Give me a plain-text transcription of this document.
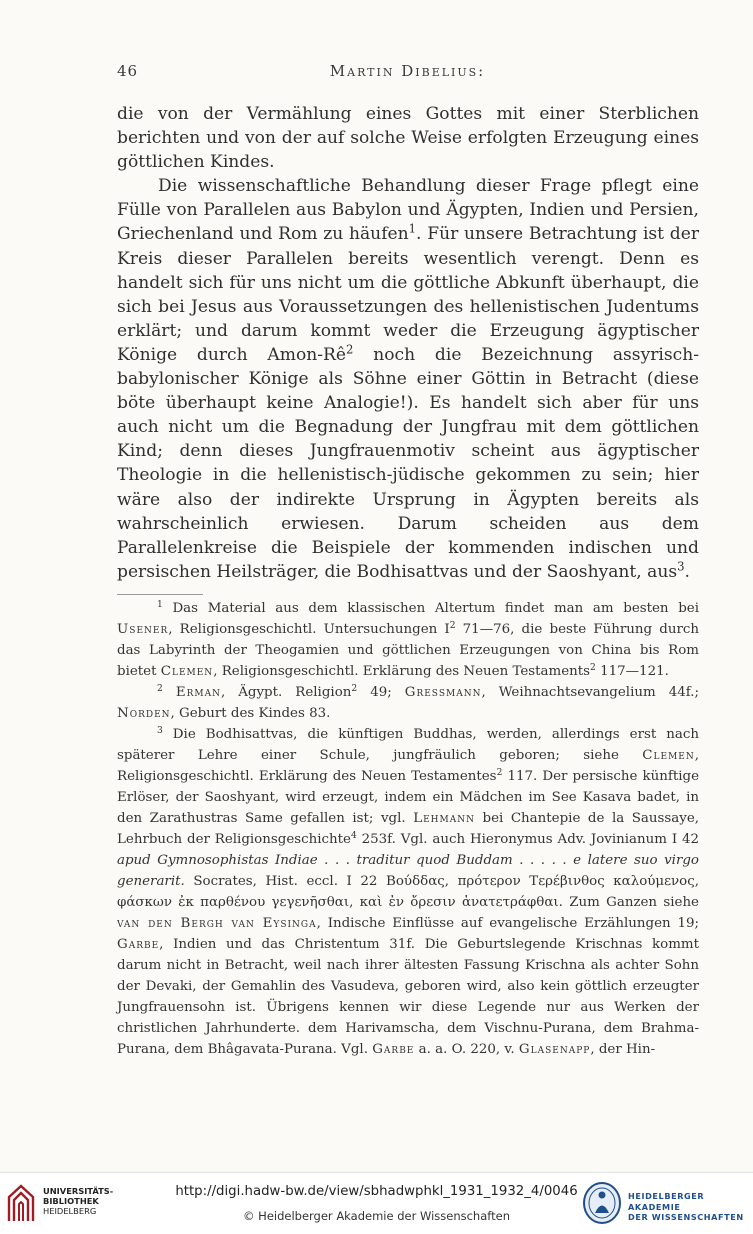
46	Martin Dibelius:

die von der Vermählung eines Gottes mit einer Sterblichen berichten und von der auf solche Weise erfolgten Erzeugung eines göttlichen Kindes.

Die wissenschaftliche Behandlung dieser Frage pflegt eine Fülle von Parallelen aus Babylon und Ägypten, Indien und Persien, Griechenland und Rom zu häufen$^1$. Für unsere Betrachtung ist der Kreis dieser Parallelen bereits wesentlich verengt. Denn es handelt sich für uns nicht um die göttliche Abkunft überhaupt, die sich bei Jesus aus Voraussetzungen des hellenistischen Judentums erklärt; und darum kommt weder die Erzeugung ägyptischer Könige durch Amon-$Rê^2$ noch die Bezeichnung assyrisch-babylonischer Könige als Söhne einer Göttin in Betracht (diese böte überhaupt keine Analogie!). Es handelt sich aber für uns auch nicht um die Begnadung der Jungfrau mit dem göttlichen Kind; denn dieses Jungfrauenmotiv scheint aus ägyptischer Theologie in die hellenistisch-jüdische gekommen zu sein; hier wäre also der indirekte Ursprung in Ägypten bereits als wahrscheinlich erwiesen. Darum scheiden aus dem Parallelenkreise die Beispiele der kommenden indischen und persischen Heilsträger, die Bodhisattvas und der Saoshyant, aus$^3$.

$^1$ Das Material aus dem klassischen Altertum findet man am besten bei Usener, Religionsgeschichtl. Untersuchungen $I^2$ 71—76, die beste Führung durch das Labyrinth der Theogamien und göttlichen Erzeugungen von China bis Rom bietet Clemen, Religionsgeschichtl. Erklärung des Neuen Testaments$^2$ 117—121.

$^2$ Erman, Ägypt. Religion$^2$ 49; Gressmann, Weihnachtsevangelium 44f.; Norden, Geburt des Kindes 83.

$^3$ Die Bodhisattvas, die künftigen Buddhas, werden, allerdings erst nach späterer Lehre einer Schule, jungfräulich geboren; siehe Clemen, Religionsgeschichtl. Erklärung des Neuen Testamentes$^2$ 117. Der persische künftige Erlöser, der Saoshyant, wird erzeugt, indem ein Mädchen im See Kasava badet, in den Zarathustras Same gefallen ist; vgl. Lehmann bei Chantepie de la Saussaye, Lehrbuch der Religionsgeschichte$^4$ 253f. Vgl. auch Hieronymus Adv. Jovinianum I 42 apud Gymnosophistas Indiae . . . traditur quod Buddam . . . . . e latere suo virgo generarit. Socrates, Hist. eccl. I 22 Βούδδας, πρότερον Τερέβινθος καλούμενος, φάσκων ἐκ παρθένου γεγενῆσθαι, καὶ ἐν ὄρεσιν ἀνατετράφθαι. Zum Ganzen siehe van den Bergh van Eysinga, Indische Einflüsse auf evangelische Erzählungen 19; Garbe, Indien und das Christentum 31f. Die Geburtslegende Krischnas kommt darum nicht in Betracht, weil nach ihrer ältesten Fassung Krischna als achter Sohn der Devaki, der Gemahlin des Vasudeva, geboren wird, also kein göttlich erzeugter Jungfrauensohn ist. Übrigens kennen wir diese Legende nur aus Werken der christlichen Jahrhunderte. dem Harivamscha, dem Vischnu-Purana, dem Brahma-Purana, dem Bhâgavata-Purana. Vgl. Garbe a. a. O. 220, v. Glasenapp, der Hin-

UNIVERSITÄTS-
BIBLIOTHEK
HEIDELBERG
http://digi.hadw-bw.de/view/sbhadwphkl_1931_1932_4/0046
© Heidelberger Akademie der Wissenschaften
HEIDELBERGER AKADEMIE
DER WISSENSCHAFTEN
